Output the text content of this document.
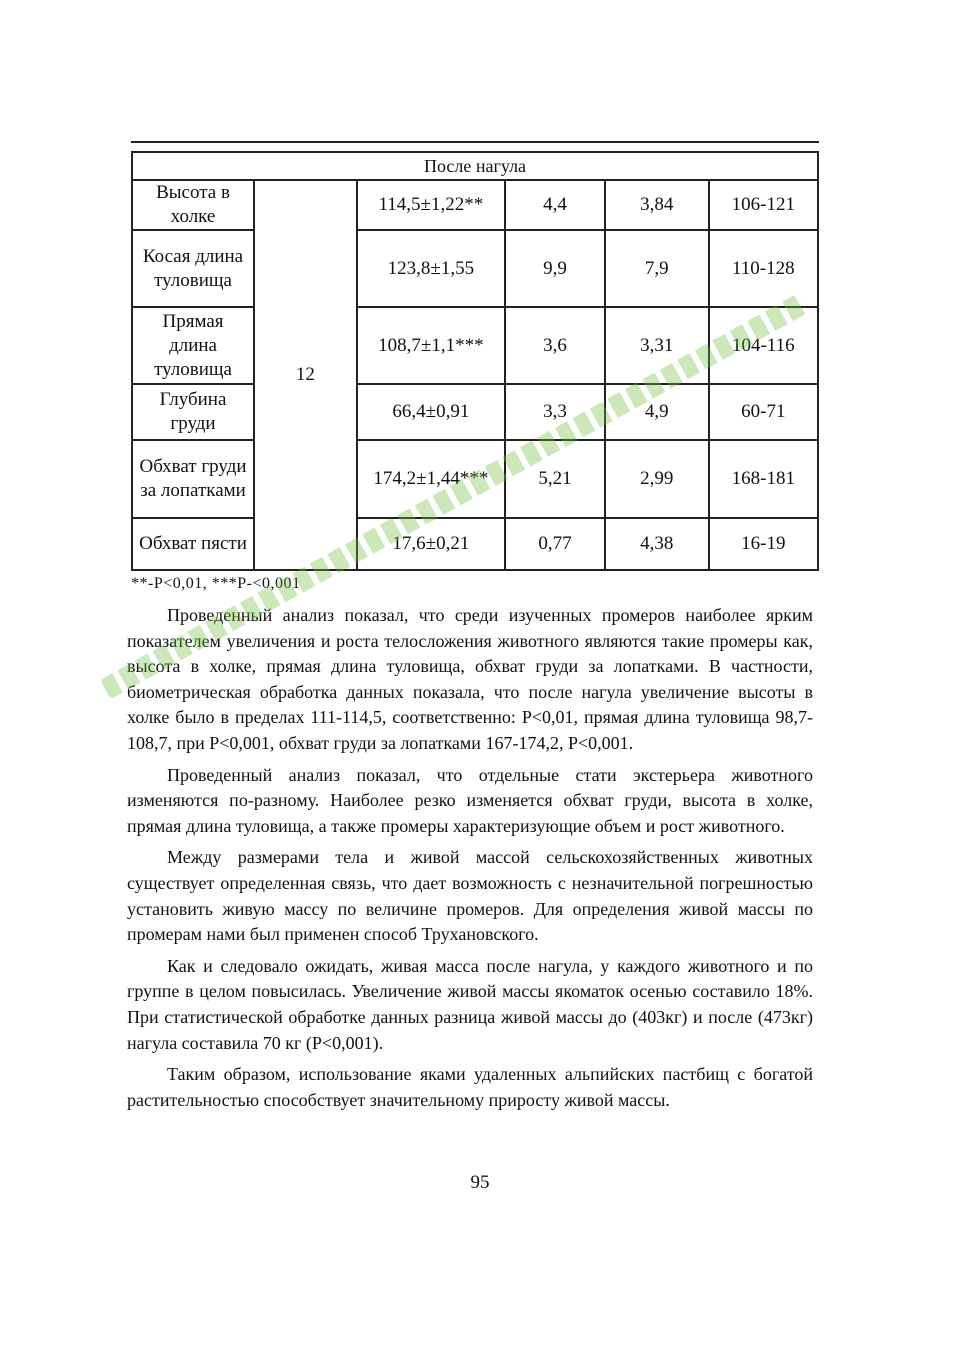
После нагула					
Высота в холке	12	114,5±1,22**	4,4	3,84	106-121
Косая длина туловища		123,8±1,55	9,9	7,9	110-128
Прямая длина туловища		108,7±1,1***	3,6	3,31	104-116
Глубина груди		66,4±0,91	3,3	4,9	60-71
Обхват груди за лопатками		174,2±1,44***	5,21	2,99	168-181
Обхват пясти		17,6±0,21	0,77	4,38	16-19
**-P<0,01, ***P-<0,001

Проведенный анализ показал, что среди изученных промеров наиболее ярким показателем увеличения и роста телосложения животного являются такие промеры как, высота в холке, прямая длина туловища, обхват груди за лопатками. В частности, биометрическая обработка данных показала, что после нагула увеличение высоты в холке было в пределах 111-114,5, соответственно: P<0,01, прямая длина туловища 98,7-108,7, при P<0,001, обхват груди за лопатками 167-174,2, P<0,001.

Проведенный анализ показал, что отдельные стати экстерьера животного изменяются по-разному. Наиболее резко изменяется обхват груди, высота в холке, прямая длина туловища, а также промеры характеризующие объем и рост животного.

Между размерами тела и живой массой сельскохозяйственных животных существует определенная связь, что дает возможность с незначительной погрешностью установить живую массу по величине промеров. Для определения живой массы по промерам нами был применен способ Трухановского.

Как и следовало ожидать, живая масса после нагула, у каждого животного и по группе в целом повысилась. Увеличение живой массы якоматок осенью составило 18%. При статистической обработке данных разница живой массы до (403кг) и после (473кг) нагула составила 70 кг (P<0,001).

Таким образом, использование яками удаленных альпийских пастбищ с богатой растительностью способствует значительному приросту живой массы.

95
